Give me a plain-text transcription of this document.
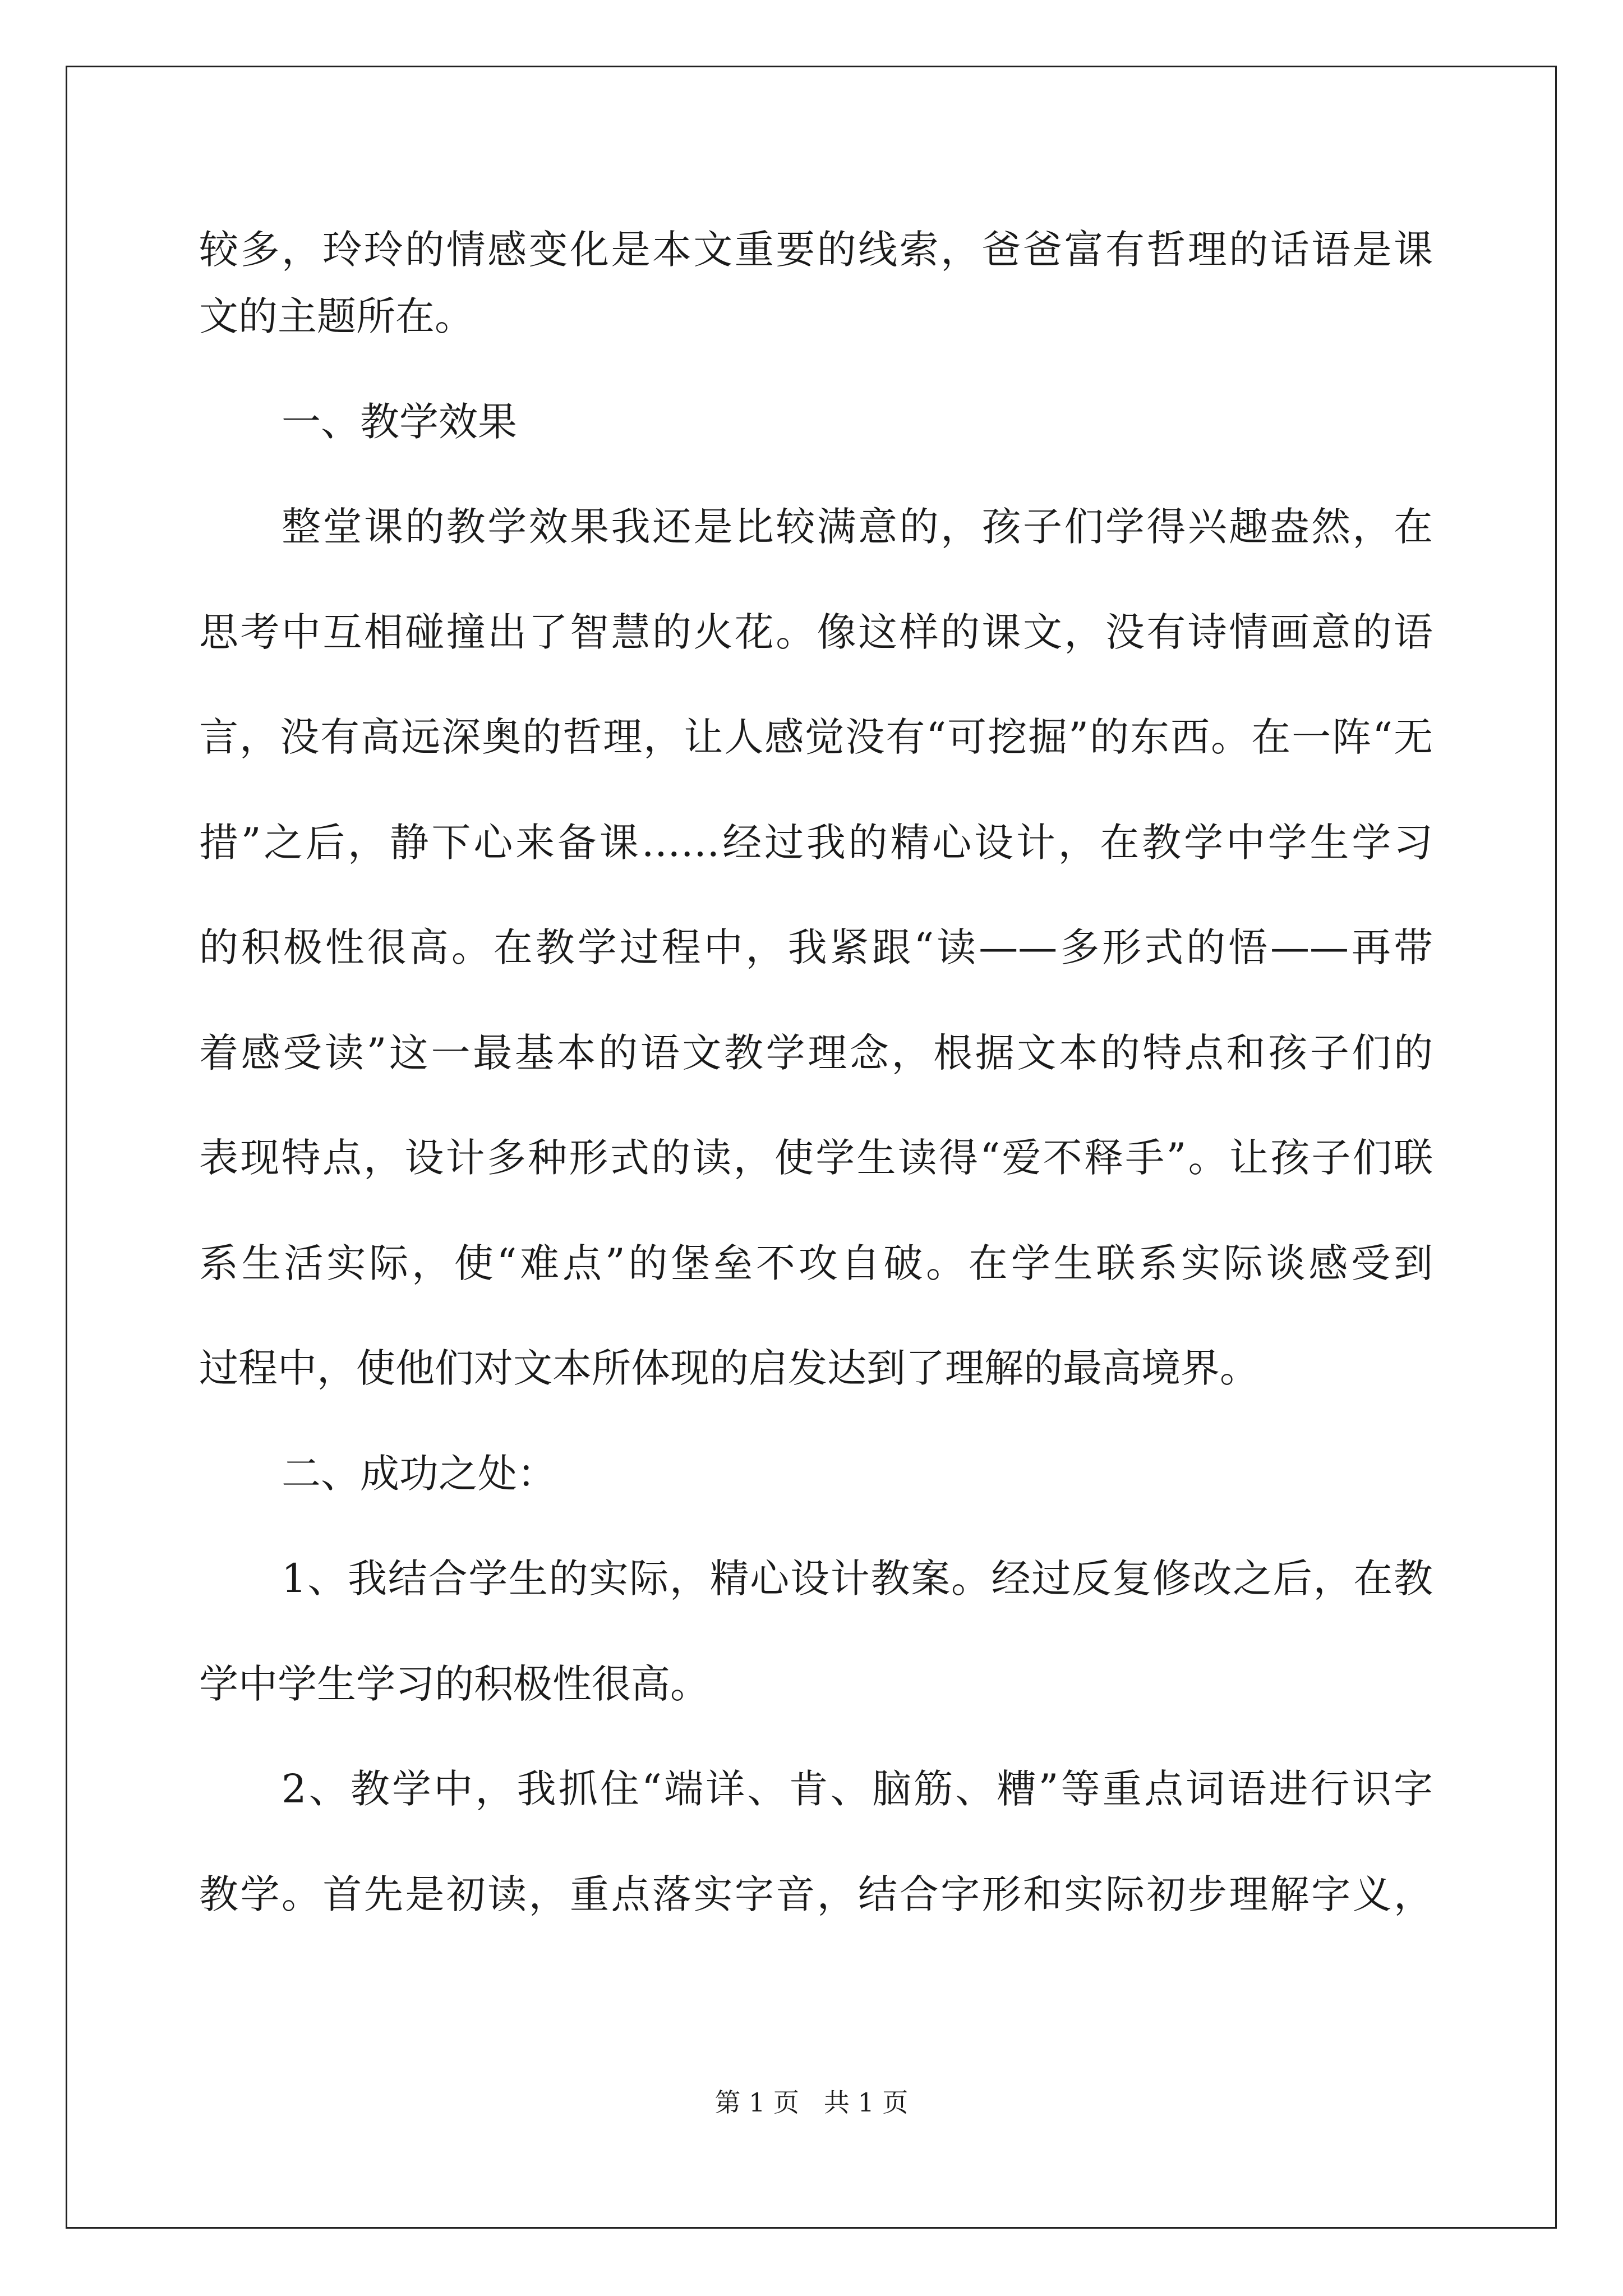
较多，玲玲的情感变化是本文重要的线索，爸爸富有哲理的话语是课
文的主题所在。
一、教学效果
整堂课的教学效果我还是比较满意的，孩子们学得兴趣盎然，在
思考中互相碰撞出了智慧的火花。像这样的课文，没有诗情画意的语
言，没有高远深奥的哲理，让人感觉没有“可挖掘”的东西。在一阵“无
措”之后，静下心来备课……经过我的精心设计，在教学中学生学习
的积极性很高。在教学过程中，我紧跟“读——多形式的悟——再带
着感受读”这一最基本的语文教学理念，根据文本的特点和孩子们的
表现特点，设计多种形式的读，使学生读得“爱不释手”。让孩子们联
系生活实际，使“难点”的堡垒不攻自破。在学生联系实际谈感受到
过程中，使他们对文本所体现的启发达到了理解的最高境界。
二、成功之处：
1、我结合学生的实际，精心设计教案。经过反复修改之后，在教
学中学生学习的积极性很高。
2、教学中，我抓住“端详、肯、脑筋、糟”等重点词语进行识字
教学。首先是初读，重点落实字音，结合字形和实际初步理解字义，
第 1 页   共 1 页
